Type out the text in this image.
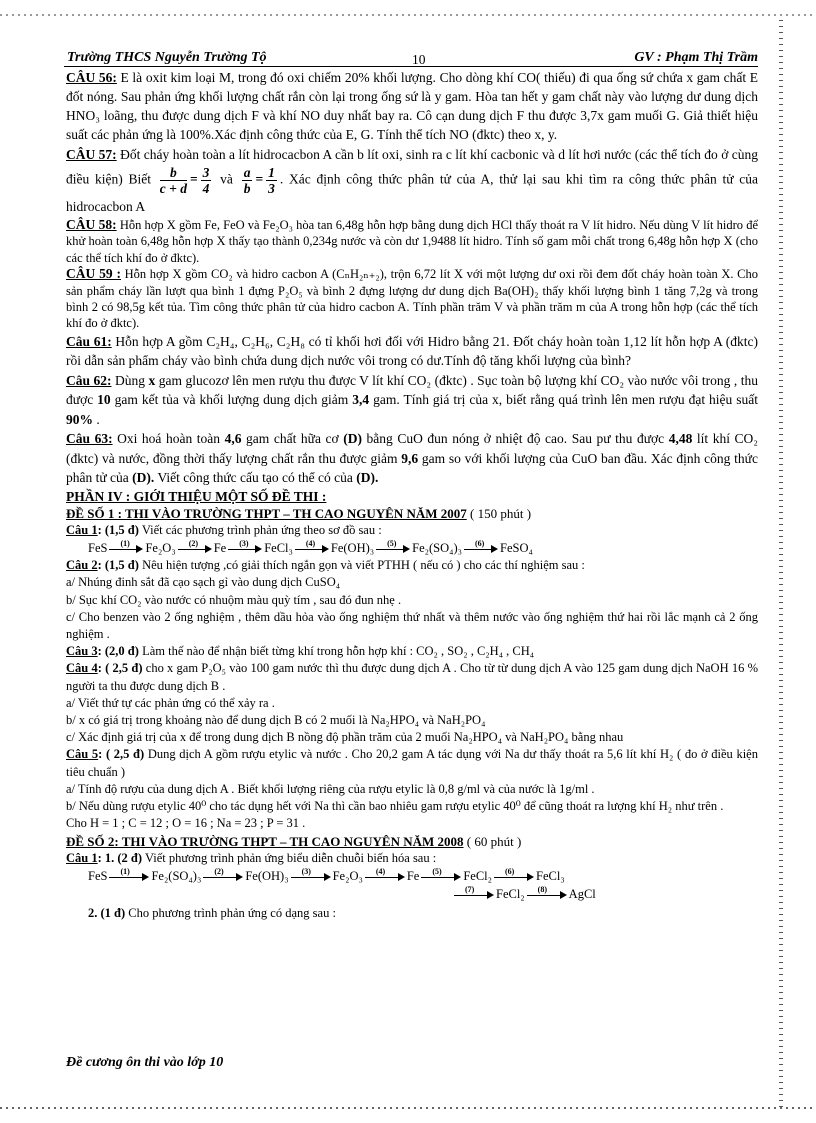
Trường THCS Nguyễn Trường Tộ	10	GV : Phạm Thị Trầm

CÂU 56: E là oxit kim loại M, trong đó oxi chiếm 20% khối lượng. Cho dòng khí CO( thiếu) đi qua ống sứ chứa x gam chất E đốt nóng. Sau phản ứng khối lượng chất rắn còn lại trong ống sứ là y gam. Hòa tan hết y gam chất này vào lượng dư dung dịch HNO₃ loãng, thu được dung dịch F và khí NO duy nhất bay ra. Cô cạn dung dịch F thu được 3,7x gam muối G. Giả thiết hiệu suất các phản ứng là 100%.Xác định công thức của E, G. Tính thể tích NO (đktc) theo x, y.

CÂU 57: Đốt cháy hoàn toàn a lít hidrocacbon A cần b lít oxi, sinh ra c lít khí cacbonic và d lít hơi nước (các thể tích đo ở cùng điều kiện) Biết $\frac{b}{c + d} = \frac{3}{4}$ và $\frac{a}{b} = \frac{1}{3}$ . Xác định công thức phân tử của A, thử lại sau khi tìm ra công thức phân tử của hidrocacbon A

CÂU 58: Hỗn hợp X gồm Fe, FeO và Fe₂O₃ hòa tan 6,48g hỗn hợp bằng dung dịch HCl thấy thoát ra V lít hidro. Nếu dùng V lít hidro để khử hoàn toàn 6,48g hỗn hợp X thấy tạo thành 0,234g nước và còn dư 1,9488 lít hidro. Tính số gam mỗi chất trong 6,48g hỗn hợp X (cho các thể tích khí đo ở đktc).

CÂU 59 : Hỗn hợp X gồm CO₂ và hidro cacbon A (CₙH₂ₙ₊₂), trộn 6,72 lít X với một lượng dư oxi rồi đem đốt cháy hoàn toàn X. Cho sản phẩm cháy lần lượt qua bình 1 đựng P₂O₅ và bình 2 đựng lượng dư dung dịch Ba(OH)₂ thấy khối lượng bình 1 tăng 7,2g và trong bình 2 có 98,5g kết tủa. Tìm công thức phân tử của hidro cacbon A. Tính phần trăm V và phần trăm m của A trong hỗn hợp (các thể tích khí đo ở đktc).

Câu 61: Hỗn hợp A gồm C₂H₄, C₂H₆, C₂H₈ có tỉ khối hơi đối với Hidro bằng 21. Đốt cháy hoàn toàn 1,12 lít hỗn hợp A (đktc) rồi dẫn sản phẩm cháy vào bình chứa dung dịch nước vôi trong có dư.Tính độ tăng khối lượng của bình?

Câu 62: Dùng x gam glucozơ lên men rượu thu được V lít khí CO₂ (đktc) . Sục toàn bộ lượng khí CO₂ vào nước vôi trong , thu được 10 gam kết tủa và khối lượng dung dịch giảm 3,4 gam. Tính giá trị của x, biết rằng quá trình lên men rượu đạt hiệu suất 90% .

Câu 63: Oxi hoá hoàn toàn 4,6 gam chất hữa cơ (D) bằng CuO đun nóng ở nhiệt độ cao. Sau pư thu được 4,48 lít khí CO₂ (đktc) và nước, đồng thời thấy lượng chất rắn thu được giảm 9,6 gam so với khối lượng của CuO ban đầu. Xác định công thức phân tử của (D). Viết công thức cấu tạo có thể có của (D).

PHẦN IV : GIỚI THIỆU MỘT SỐ ĐỀ THI :

ĐỀ SỐ 1 : THI VÀO TRƯỜNG THPT – TH CAO NGUYÊN NĂM 2007 ( 150 phút )

Câu 1: (1,5 đ) Viết các phương trình phản ứng theo sơ đồ sau :

FeS (1) Fe₂O₃ (2) Fe (3) FeCl₃ (4) Fe(OH)₃ (5) Fe₂(SO₄)₃ (6) FeSO₄

Câu 2: (1,5 đ) Nêu hiện tượng ,có giải thích ngắn gọn và viết PTHH ( nếu có ) cho các thí nghiệm sau :

a/ Nhúng đinh sắt đã cạo sạch gỉ vào dung dịch CuSO₄

b/ Sục khí CO₂ vào nước có nhuộm màu quỳ tím , sau đó đun nhẹ .

c/ Cho benzen vào 2 ống nghiệm , thêm dầu hỏa vào ống nghiệm thứ nhất và thêm nước vào ống nghiệm thứ hai rồi lắc mạnh cả 2 ống nghiệm .

Câu 3: (2,0 đ) Làm thế nào để nhận biết từng khí trong hỗn hợp khí : CO₂ , SO₂ , C₂H₄ , CH₄

Câu 4: ( 2,5 đ) cho x gam P₂O₅ vào 100 gam nước thì thu được dung dịch A . Cho từ từ dung dịch A vào 125 gam dung dịch NaOH 16 % người ta thu được dung dịch B .

a/ Viết thứ tự các phản ứng có thể xảy ra .

b/ x có giá trị trong khoảng nào để dung dịch B có 2 muối là Na₂HPO₄ và NaH₂PO₄

c/ Xác định giá trị của x để trong dung dịch B nồng độ phần trăm của 2 muối Na₂HPO₄ và NaH₂PO₄ bằng nhau

Câu 5: ( 2,5 đ) Dung dịch A gồm rượu etylic và nước . Cho 20,2 gam A tác dụng với Na dư thấy thoát ra 5,6 lít khí H₂ ( đo ở điều kiện tiêu chuẩn )

a/ Tính độ rượu của dung dịch A . Biết khối lượng riêng của rượu etylic là 0,8 g/ml và của nước là 1g/ml .

b/ Nếu dùng rượu etylic 40⁰ cho tác dụng hết với Na thì cần bao nhiêu gam rượu etylic 40⁰ để cũng thoát ra lượng khí H₂ như trên .

Cho H = 1 ; C = 12 ; O = 16 ; Na = 23 ; P = 31 .

ĐỀ SỐ 2: THI VÀO TRƯỜNG THPT – TH CAO NGUYÊN NĂM 2008 ( 60 phút )

Câu 1: 1. (2 đ) Viết phương trình phản ứng biểu diễn chuỗi biến hóa sau :

FeS (1) Fe₂(SO₄)₃ (2) Fe(OH)₃ (3) Fe₂O₃ (4) Fe (5) FeCl₂ (6) FeCl₃
(7) FeCl₂ (8) AgCl

2. (1 đ) Cho phương trình phản ứng có dạng sau :

Đề cương ôn thi vào lớp 10
